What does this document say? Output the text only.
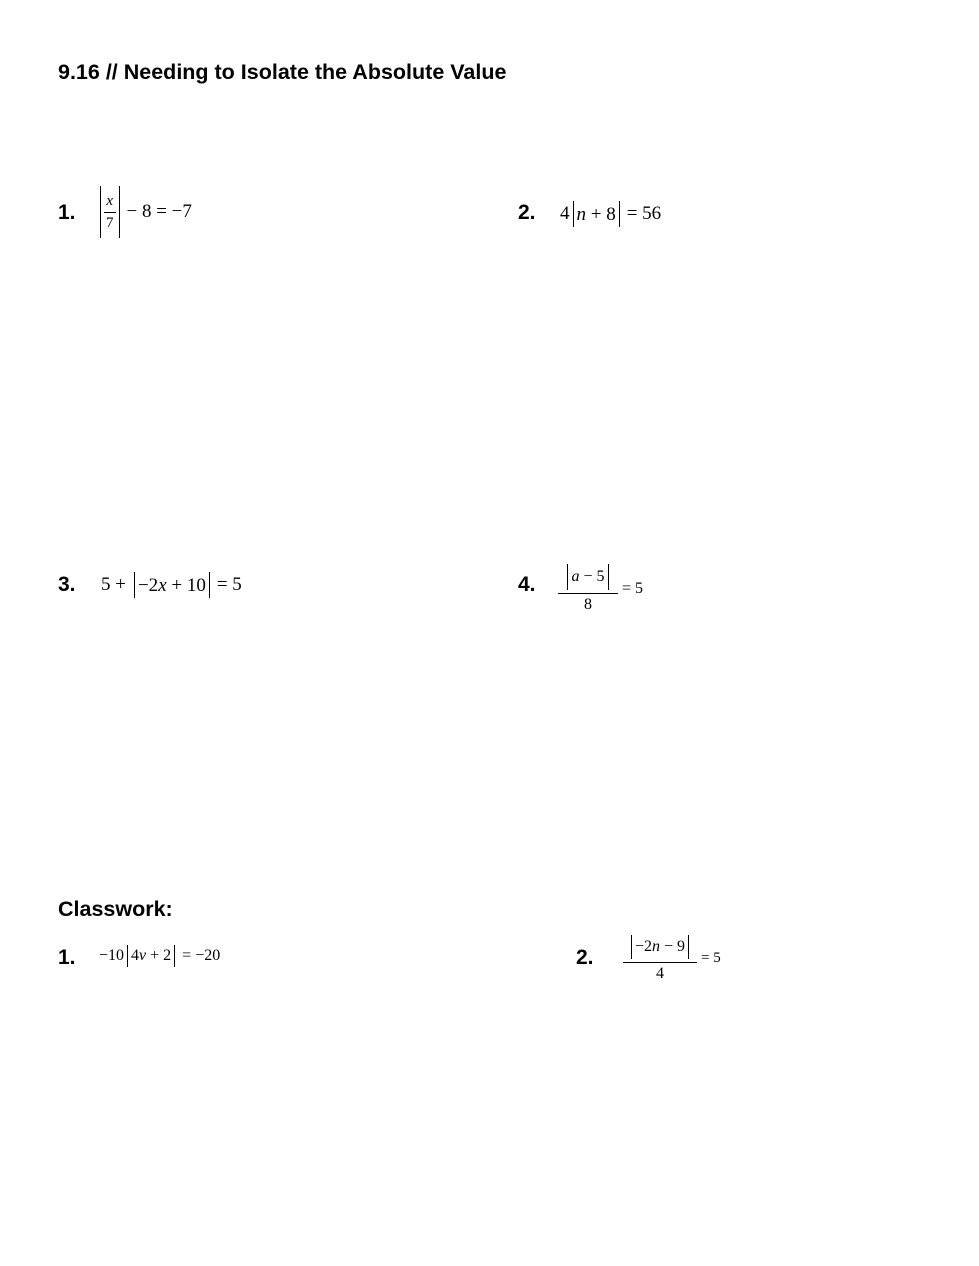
9.16 // Needing to Isolate the Absolute Value
1. $\frac{x}{7} - 8 = -7$	2. 4 n + 8 = 56
3. 5 + −2 x + 10 = 5	4. $\frac{a - 5}{8} = 5$
Classwork:
1. −10 4 v + 2 = −20	2. $\frac{-2 n - 9}{4} = 5$
